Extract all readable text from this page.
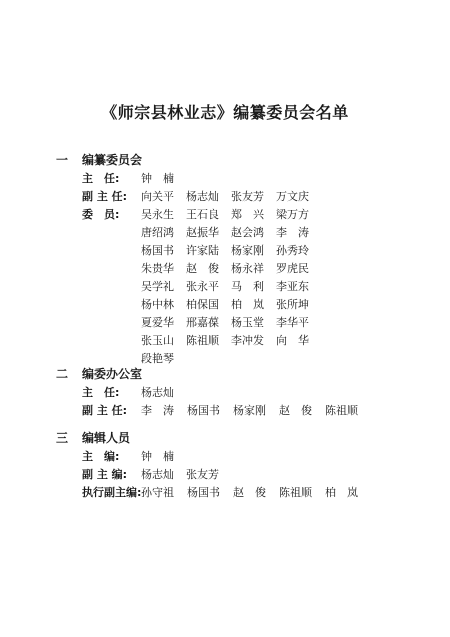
《师宗县林业志》编纂委员会名单
一	编纂委员会
主　任:	钟　楠
副 主 任:	向关平	杨志灿	张友芳	万文庆
委　员:	吴永生	王石良	郑　兴	梁万方
唐绍鸿	赵振华	赵会鸿	李　涛
杨国书	许家陆	杨家刚	孙秀玲
朱贵华	赵　俊	杨永祥	罗虎民
吴学礼	张永平	马　利	李亚东
杨中林	柏保国	柏　岚	张所坤
夏爱华	邢嘉葆	杨玉堂	李华平
张玉山	陈祖顺	李冲发	向　华
段艳琴
二	编委办公室
主　任:	杨志灿
副 主 任:	李　涛	杨国书	杨家刚	赵　俊	陈祖顺
三	编辑人员
主　编:	钟　楠
副 主 编:	杨志灿	张友芳
执行副主编: 孙守祖	杨国书	赵　俊	陈祖顺	柏　岚
